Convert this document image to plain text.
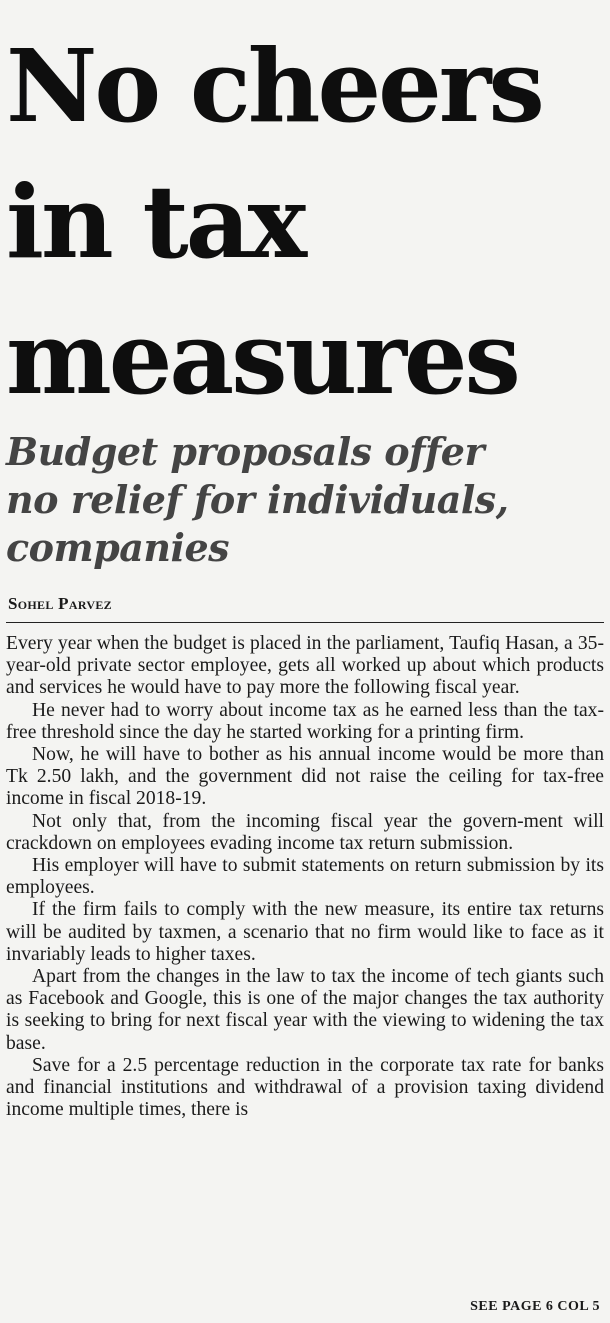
No cheers
in tax
measures
Budget proposals offer
no relief for individuals,
companies
Sohel Parvez

Every year when the budget is placed in the parliament, Taufiq Hasan, a 35-year-old private sector employee, gets all worked up about which products and services he would have to pay more the following fiscal year.

He never had to worry about income tax as he earned less than the tax-free threshold since the day he started working for a printing firm.

Now, he will have to bother as his annual income would be more than Tk 2.50 lakh, and the government did not raise the ceiling for tax-free income in fiscal 2018-19.

Not only that, from the incoming fiscal year the govern-ment will crackdown on employees evading income tax return submission.

His employer will have to submit statements on return submission by its employees.

If the firm fails to comply with the new measure, its entire tax returns will be audited by taxmen, a scenario that no firm would like to face as it invariably leads to higher taxes.

Apart from the changes in the law to tax the income of tech giants such as Facebook and Google, this is one of the major changes the tax authority is seeking to bring for next fiscal year with the viewing to widening the tax base.

Save for a 2.5 percentage reduction in the corporate tax rate for banks and financial institutions and withdrawal of a provision taxing dividend income multiple times, there is

SEE PAGE 6 COL 5
